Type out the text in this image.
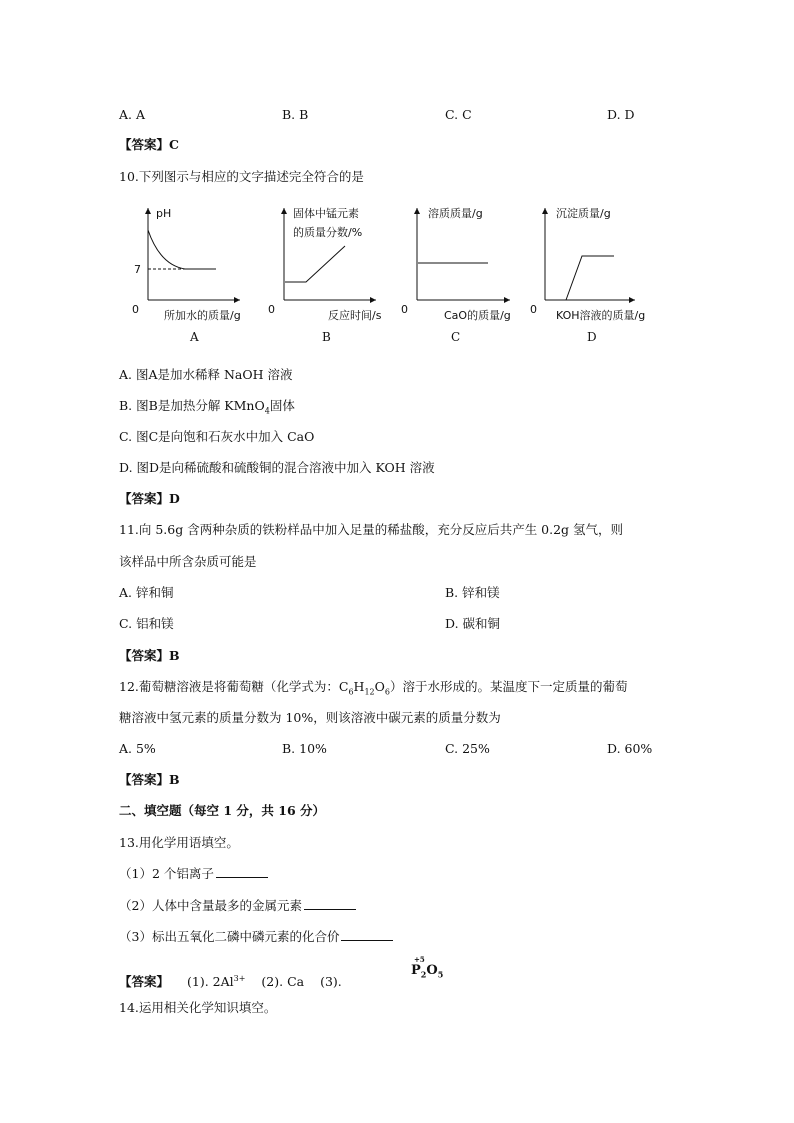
A. A	B. B	C. C	D. D
【答案】C
10.下列图示与相应的文字描述完全符合的是
pH
7
0 所加水的质量/g
A
固体中锰元素
的质量分数/%
0	反应时间/s
B
溶质质量/g
0	CaO的质量/g
C
沉淀质量/g
0 KOH溶液的质量/g
D
A. 图A是加水稀释 NaOH 溶液
B. 图B是加热分解 KMnO$_4$固体
C. 图C是向饱和石灰水中加入 CaO
D. 图D是向稀硫酸和硫酸铜的混合溶液中加入 KOH 溶液
【答案】D
11.向 5.6g 含两种杂质的铁粉样品中加入足量的稀盐酸，充分反应后共产生 0.2g 氢气，则
该样品中所含杂质可能是
A. 锌和铜	B. 锌和镁
C. 铝和镁	D. 碳和铜
【答案】B
12.葡萄糖溶液是将葡萄糖（化学式为：$C_6H_{12}O_6$）溶于水形成的。某温度下一定质量的葡萄
糖溶液中氢元素的质量分数为 10%，则该溶液中碳元素的质量分数为
A. 5%	B. 10%	C. 25%	D. 60%
【答案】B
二、填空题（每空 1 分，共 16 分）
13.用化学用语填空。
（1）2 个铝离子
（2）人体中含量最多的金属元素
（3）标出五氧化二磷中磷元素的化合价
【答案】 (1). $2Al^{3+}$ (2). Ca (3).
+5
$P_2O_5$
14.运用相关化学知识填空。
